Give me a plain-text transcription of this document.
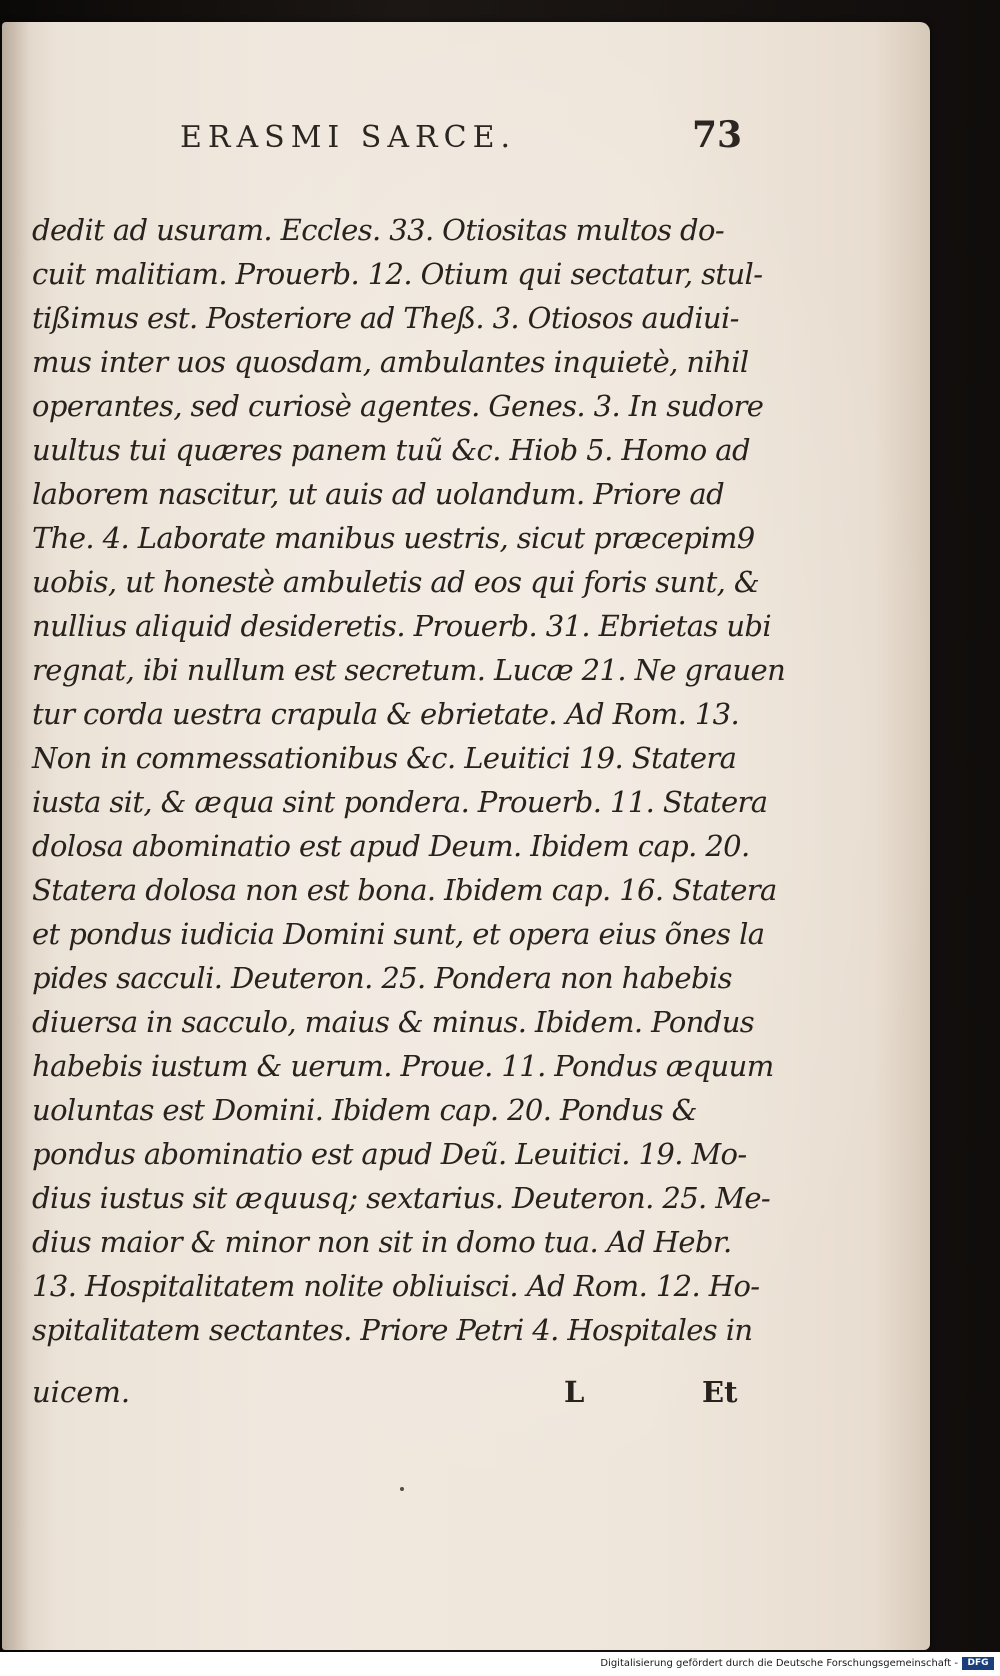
ERASMI SARCE.	73
dedit ad usuram. Eccles. 33. Otiositas multos do-
cuit malitiam. Prouerb. 12. Otium qui sectatur, stul-
tißimus est. Posteriore ad Theß. 3. Otiosos audiui-
mus inter uos quosdam, ambulantes inquietè, nihil
operantes, sed curiosè agentes. Genes. 3. In sudore
uultus tui quæres panem tuũ &c. Hiob 5. Homo ad
laborem nascitur, ut auis ad uolandum. Priore ad
The. 4. Laborate manibus uestris, sicut præcepim9
uobis, ut honestè ambuletis ad eos qui foris sunt, &
nullius aliquid desideretis. Prouerb. 31. Ebrietas ubi
regnat, ibi nullum est secretum. Lucæ 21. Ne grauen
tur corda uestra crapula & ebrietate. Ad Rom. 13.
Non in commessationibus &c. Leuitici 19. Statera
iusta sit, & æqua sint pondera. Prouerb. 11. Statera
dolosa abominatio est apud Deum. Ibidem cap. 20.
Statera dolosa non est bona. Ibidem cap. 16. Statera
et pondus iudicia Domini sunt, et opera eius õnes la
pides sacculi. Deuteron. 25. Pondera non habebis
diuersa in sacculo, maius & minus. Ibidem. Pondus
habebis iustum & uerum. Proue. 11. Pondus æquum
uoluntas est Domini. Ibidem cap. 20. Pondus &
pondus abominatio est apud Deũ. Leuitici. 19. Mo-
dius iustus sit æquusq; sextarius. Deuteron. 25. Me-
dius maior & minor non sit in domo tua. Ad Hebr.
13. Hospitalitatem nolite obliuisci. Ad Rom. 12. Ho-
spitalitatem sectantes. Priore Petri 4. Hospitales in
uicem.	L	Et
Digitalisierung gefördert durch die Deutsche Forschungsgemeinschaft -	DFG
